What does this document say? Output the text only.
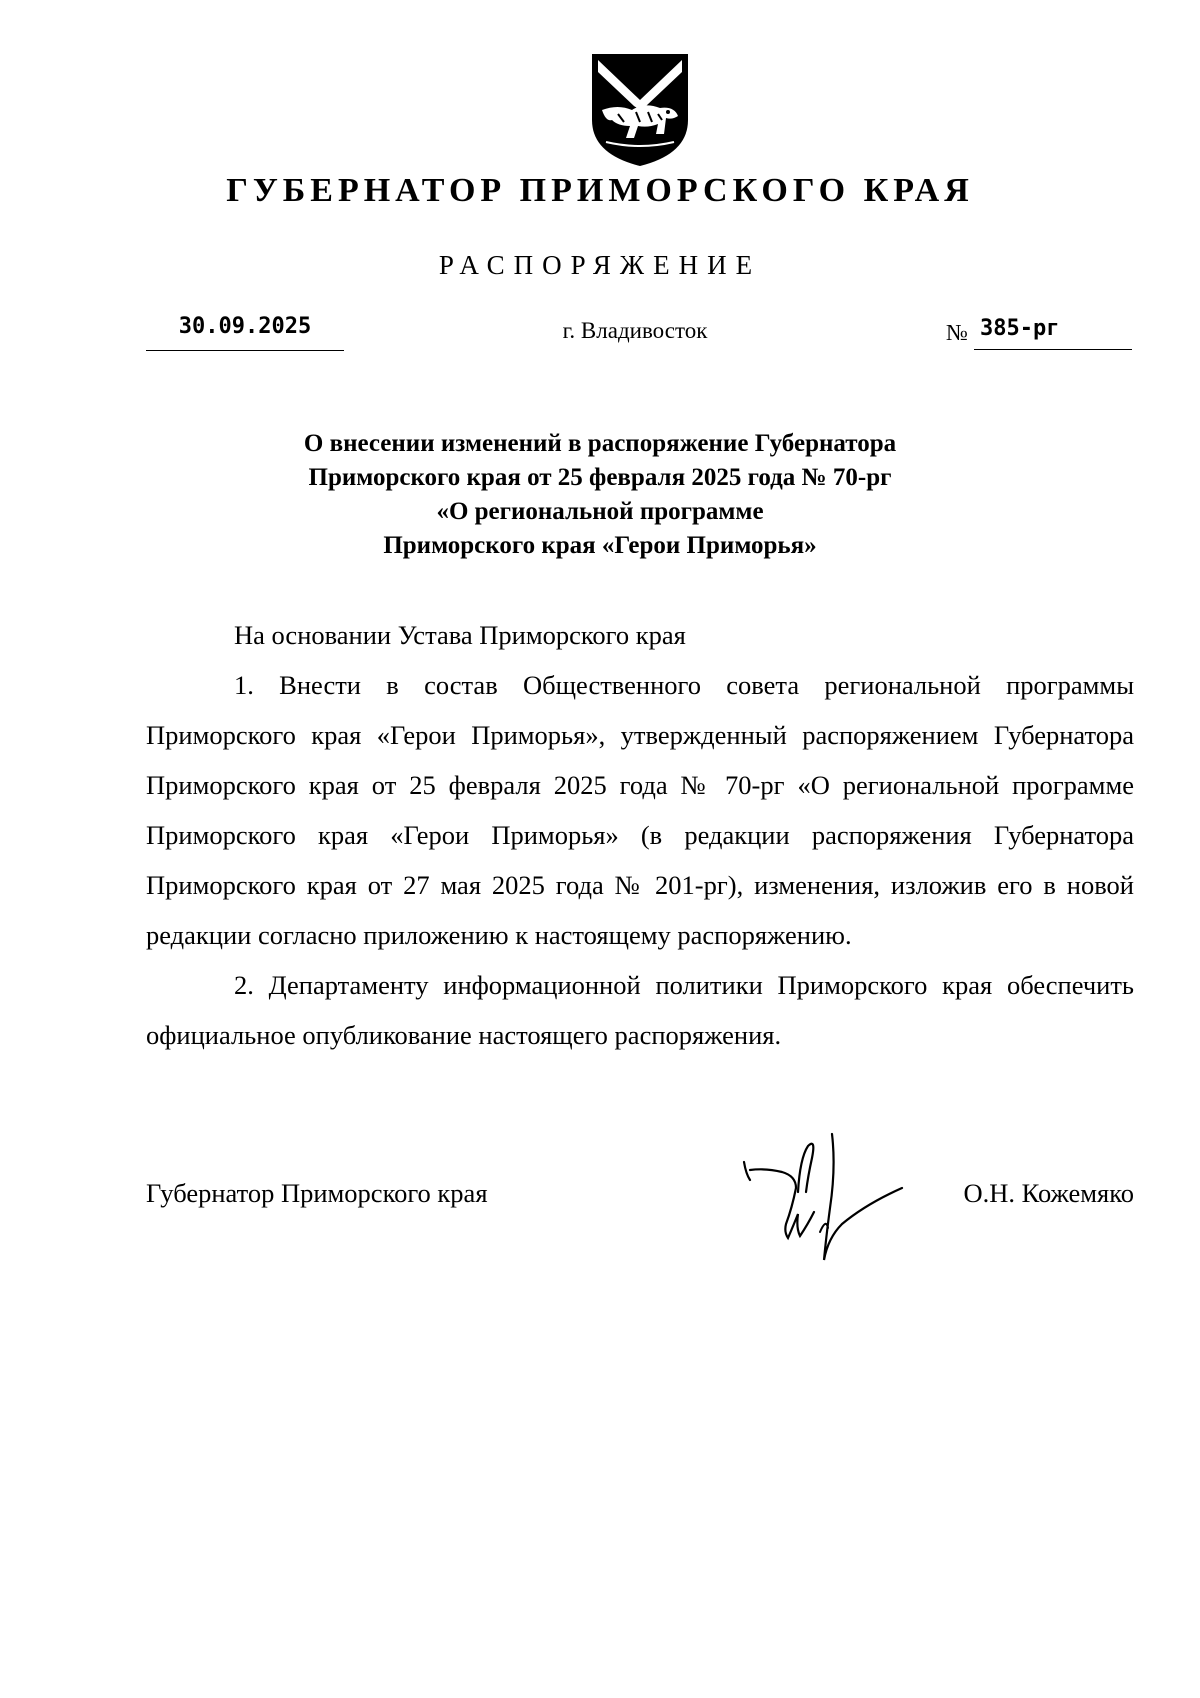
ГУБЕРНАТОР ПРИМОРСКОГО КРАЯ
РАСПОРЯЖЕНИЕ
30.09.2025	г. Владивосток	№ 385-рг
О внесении изменений в распоряжение Губернатора
Приморского края от 25 февраля 2025 года № 70-рг
«О региональной программе
Приморского края «Герои Приморья»

На основании Устава Приморского края

1. Внести в состав Общественного совета региональной программы Приморского края «Герои Приморья», утвержденный распоряжением Губернатора Приморского края от 25 февраля 2025 года № 70-рг «О региональной программе Приморского края «Герои Приморья» (в редакции распоряжения Губернатора Приморского края от 27 мая 2025 года № 201-рг), изменения, изложив его в новой редакции согласно приложению к настоящему распоряжению.

2. Департаменту информационной политики Приморского края обеспечить официальное опубликование настоящего распоряжения.

Губернатор Приморского края	О.Н. Кожемяко
